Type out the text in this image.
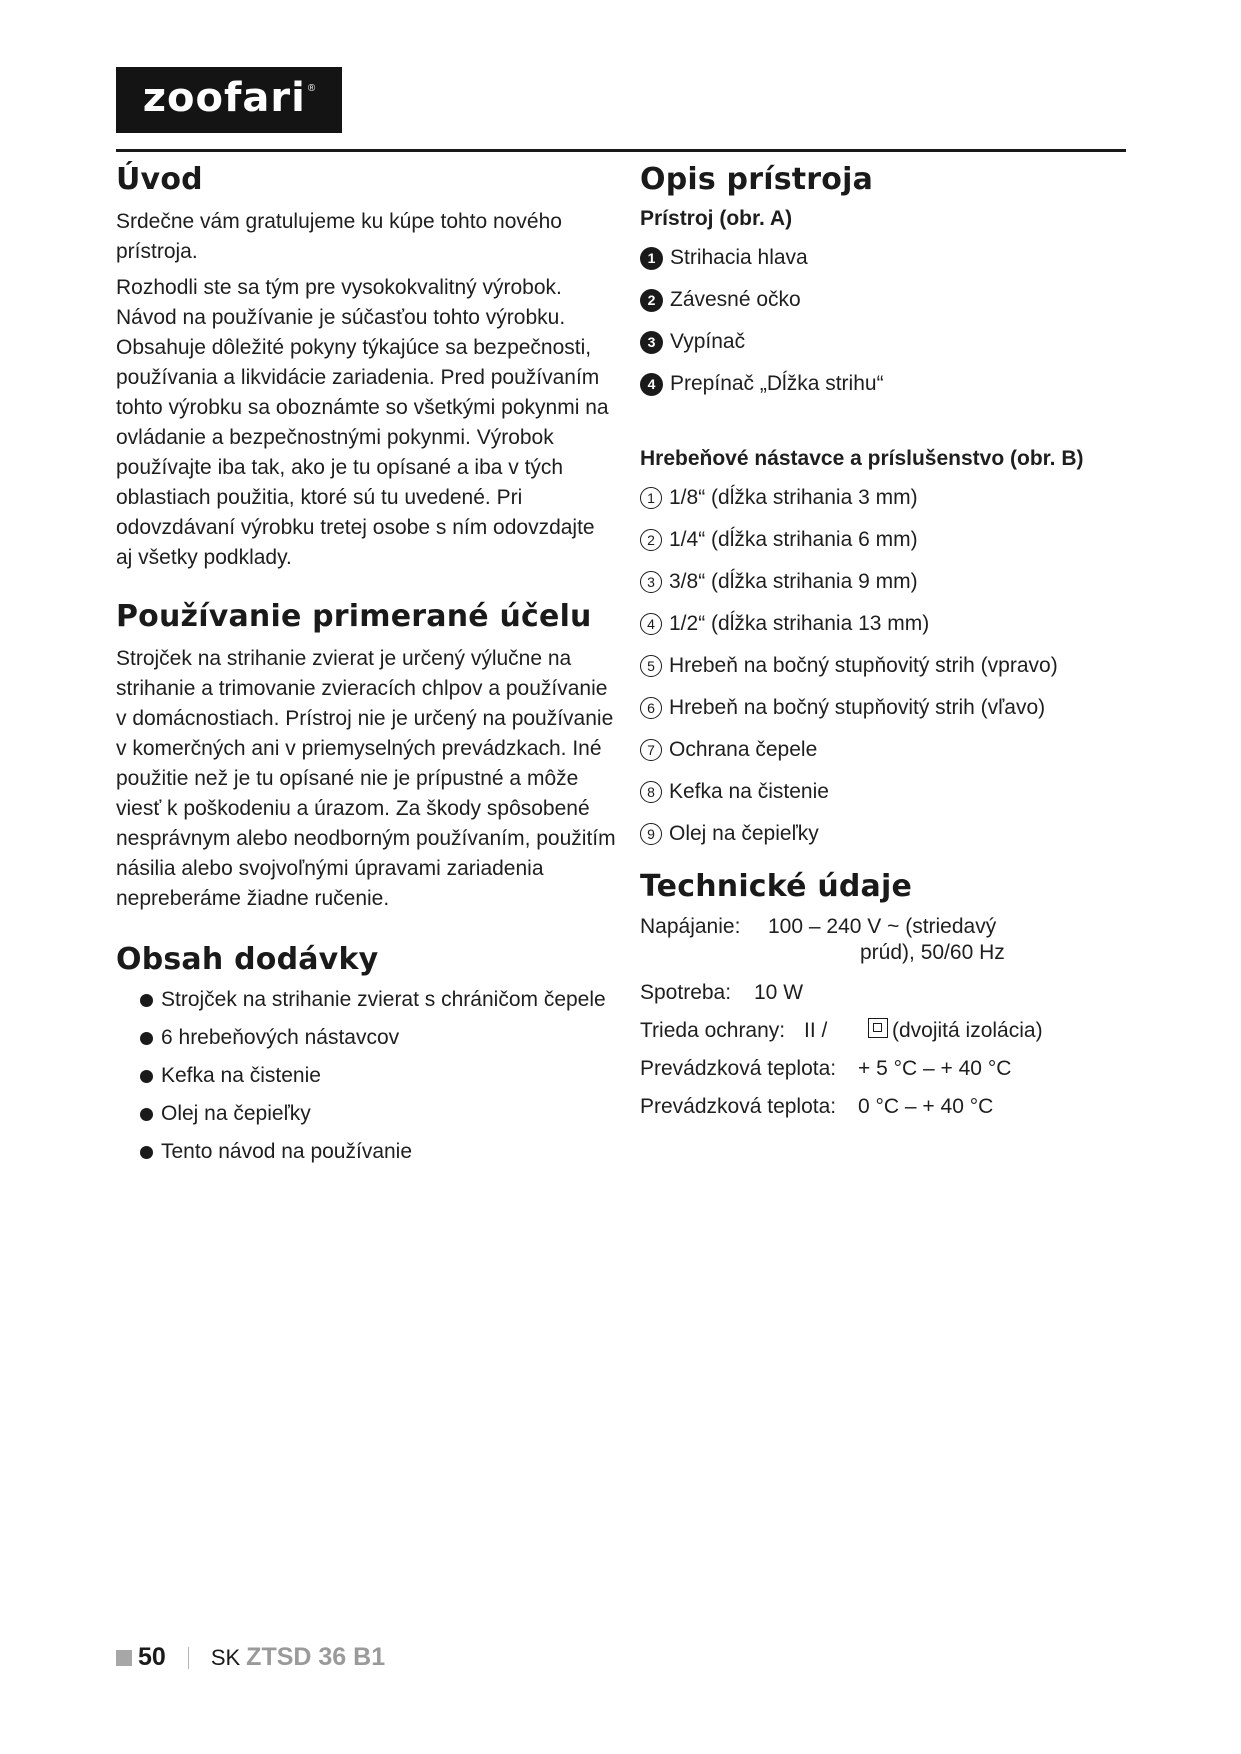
zoofari ®
Úvod

Srdečne vám gratulujeme ku kúpe tohto nového prístroja.

Rozhodli ste sa tým pre vysokokvalitný výrobok. Návod na používanie je súčasťou tohto výrobku. Obsahuje dôležité pokyny týkajúce sa bezpečnosti, používania a likvidácie zariadenia. Pred používaním tohto výrobku sa oboznámte so všetkými pokynmi na ovládanie a bezpečnostnými pokynmi. Výrobok používajte iba tak, ako je tu opísané a iba v tých oblastiach použitia, ktoré sú tu uvedené. Pri odovzdávaní výrobku tretej osobe s ním odovzdajte aj všetky podklady.

Používanie primerané účelu

Strojček na strihanie zvierat je určený výlučne na strihanie a trimovanie zvieracích chlpov a používanie v domácnostiach. Prístroj nie je určený na používanie v komerčných ani v priemyselných prevádzkach. Iné použitie než je tu opísané nie je prípustné a môže viesť k poškodeniu a úrazom. Za škody spôsobené nesprávnym alebo neodborným používaním, použitím násilia alebo svojvoľnými úpravami zariadenia nepreberáme žiadne ručenie.

Obsah dodávky
Strojček na strihanie zvierat s chráničom čepele
6 hrebeňových nástavcov
Kefka na čistenie
Olej na čepieľky
Tento návod na používanie
Opis prístroja
Prístroj (obr. A)
1 Strihacia hlava
2 Závesné očko
3 Vypínač
4 Prepínač „Dĺžka strihu“
Hrebeňové nástavce a príslušenstvo (obr. B)
1 1/8“ (dĺžka strihania 3 mm)
2 1/4“ (dĺžka strihania 6 mm)
3 3/8“ (dĺžka strihania 9 mm)
4 1/2“ (dĺžka strihania 13 mm)
5 Hrebeň na bočný stupňovitý strih (vpravo)
6 Hrebeň na bočný stupňovitý strih (vľavo)
7 Ochrana čepele
8 Kefka na čistenie
9 Olej na čepieľky
Technické údaje
Napájanie:	100 – 240 V ~ (striedavý
prúd), 50/60 Hz
Spotreba:	10 W
Trieda ochrany: II /	(dvojitá izolácia)
Prevádzková teplota:	+ 5 °C – + 40 °C
Prevádzková teplota:	0 °C – + 40 °C
50 SK ZTSD 36 B1
